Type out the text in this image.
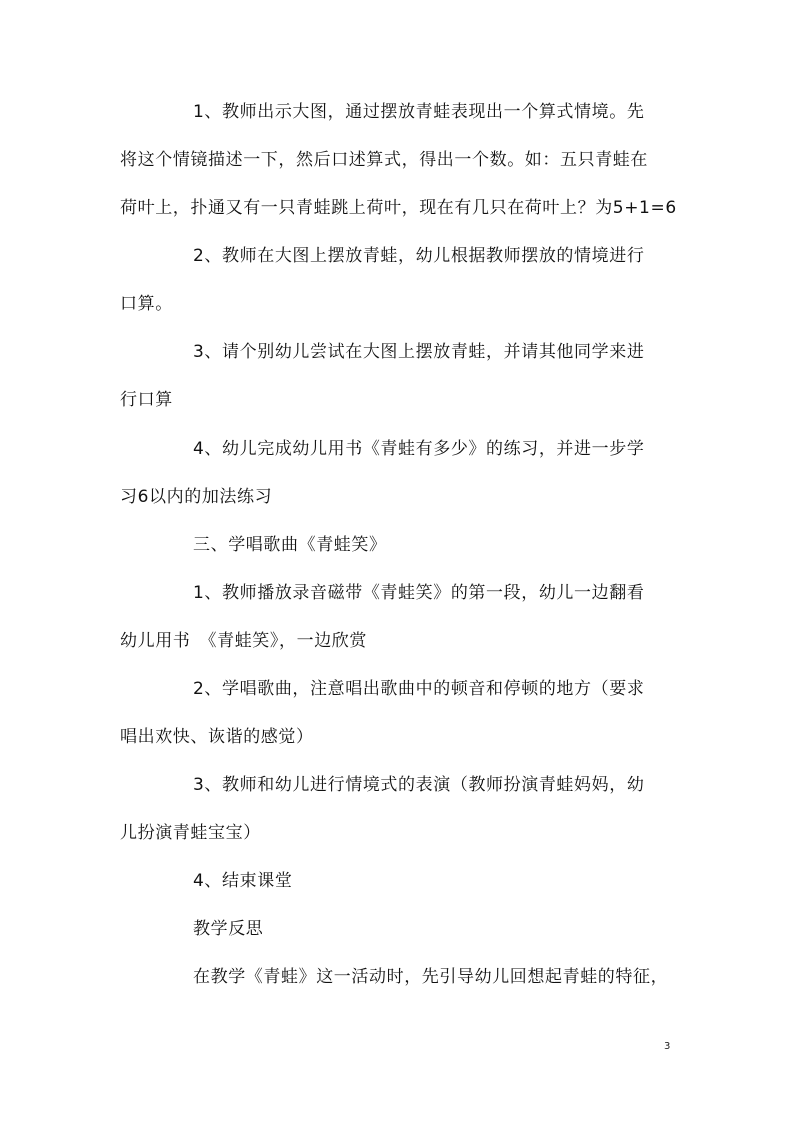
1、教师出示大图，通过摆放青蛙表现出一个算式情境。先
将这个情镜描述一下，然后口述算式，得出一个数。如：五只青蛙在
荷叶上，扑通又有一只青蛙跳上荷叶，现在有几只在荷叶上？为5+1=6
2、教师在大图上摆放青蛙，幼儿根据教师摆放的情境进行
口算。
3、请个别幼儿尝试在大图上摆放青蛙，并请其他同学来进
行口算
4、幼儿完成幼儿用书《青蛙有多少》的练习，并进一步学
习6以内的加法练习
三、学唱歌曲《青蛙笑》
1、教师播放录音磁带《青蛙笑》的第一段，幼儿一边翻看
幼儿用书　《青蛙笑》，一边欣赏
2、学唱歌曲，注意唱出歌曲中的顿音和停顿的地方（要求
唱出欢快、诙谐的感觉）
3、教师和幼儿进行情境式的表演（教师扮演青蛙妈妈，幼
儿扮演青蛙宝宝）
4、结束课堂
教学反思
在教学《青蛙》这一活动时，先引导幼儿回想起青蛙的特征，
3
